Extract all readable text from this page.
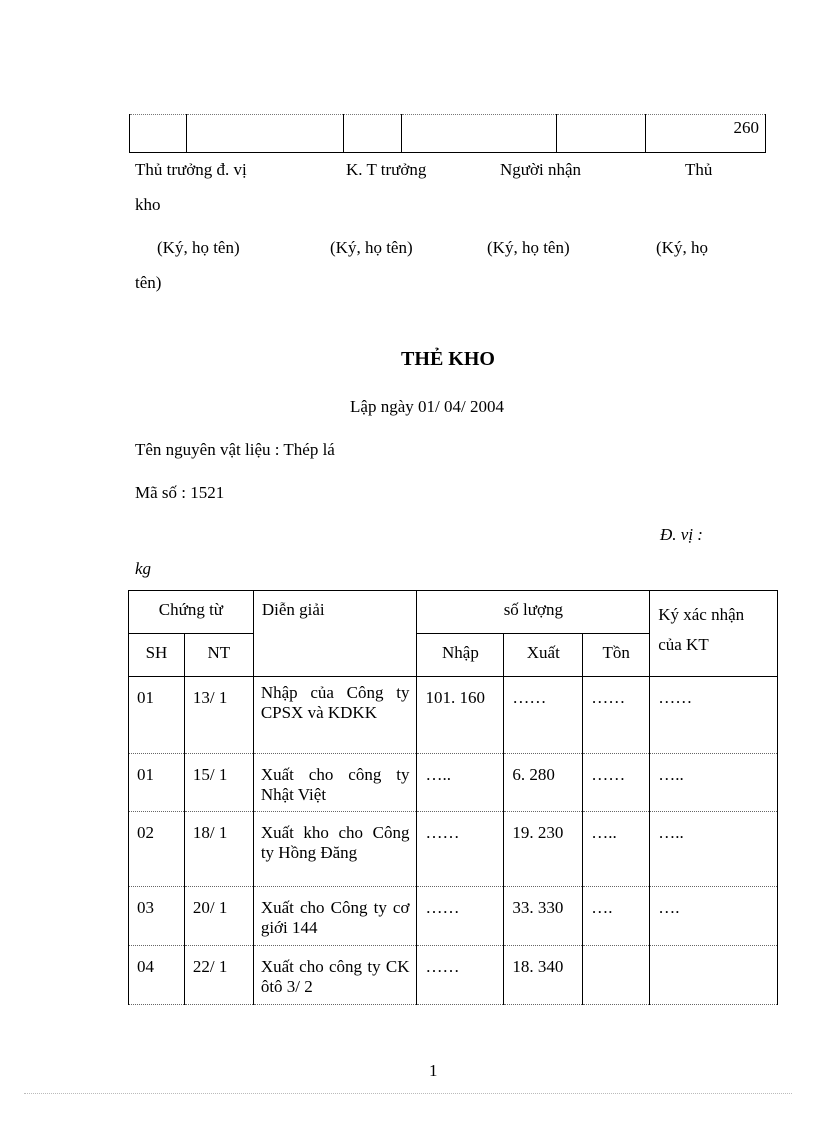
					260
Thủ trưởng đ. vị	K. T trưởng	Người nhận	Thủ
kho
(Ký, họ tên)	(Ký, họ tên)	(Ký, họ tên)	(Ký, họ
tên)
THẺ KHO
Lập ngày 01/ 04/ 2004
Tên nguyên vật liệu : Thép lá
Mã số : 1521
Đ. vị :
kg
Chứng từ		Diễn giải	số lượng			Ký xác nhận của KT
SH	NT		Nhập	Xuất	Tồn	
01	13/ 1	Nhập của Công ty CPSX và KDKK	101. 160	……	……	……
01	15/ 1	Xuất cho công ty Nhật Việt	…..	6. 280	……	…..
02	18/ 1	Xuất kho cho Công ty Hồng Đăng	……	19. 230	…..	…..
03	20/ 1	Xuất cho Công ty cơ giới 144	……	33. 330	….	….
04	22/ 1	Xuất cho công ty CK ôtô 3/ 2	……	18. 340		
1
